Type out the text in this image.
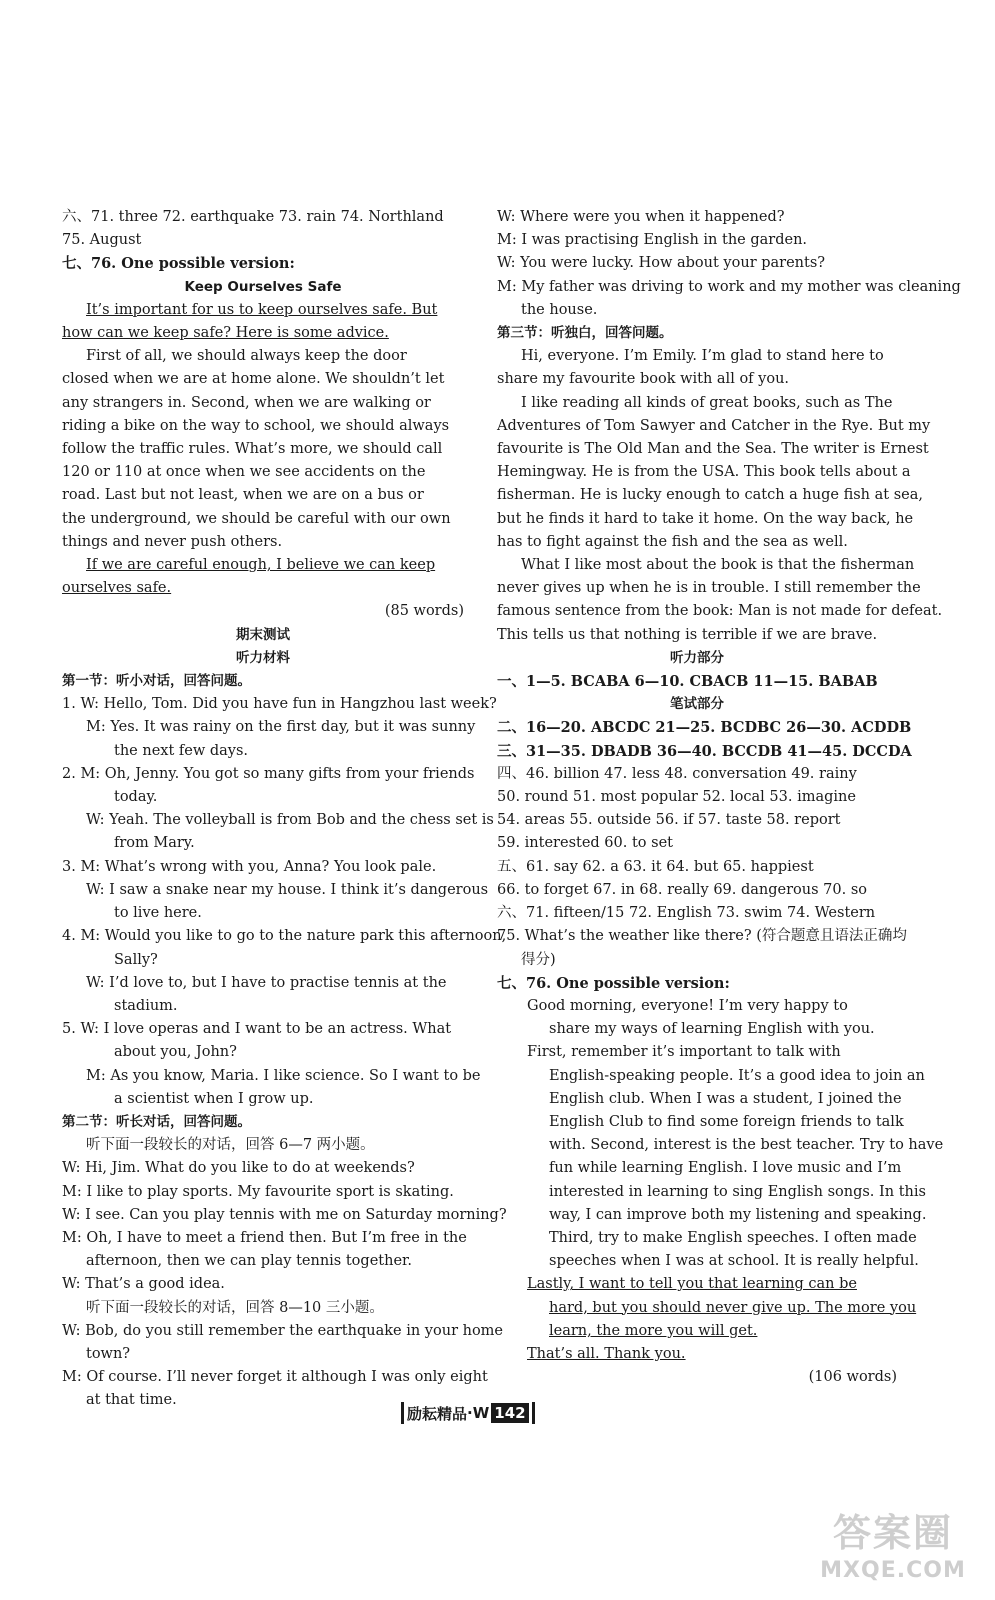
六、71. three 72. earthquake 73. rain 74. Northland
75. August
七、76. One possible version:
Keep Ourselves Safe
It’s important for us to keep ourselves safe. But
how can we keep safe? Here is some advice.
First of all, we should always keep the door
closed when we are at home alone. We shouldn’t let
any strangers in. Second, when we are walking or
riding a bike on the way to school, we should always
follow the traffic rules. What’s more, we should call
120 or 110 at once when we see accidents on the
road. Last but not least, when we are on a bus or
the underground, we should be careful with our own
things and never push others.
If we are careful enough, I believe we can keep
ourselves safe.
(85 words)
期末测试
听力材料
第一节：听小对话，回答问题。
1. W: Hello, Tom. Did you have fun in Hangzhou last week?
M: Yes. It was rainy on the first day, but it was sunny
the next few days.
2. M: Oh, Jenny. You got so many gifts from your friends
today.
W: Yeah. The volleyball is from Bob and the chess set is
from Mary.
3. M: What’s wrong with you, Anna? You look pale.
W: I saw a snake near my house. I think it’s dangerous
to live here.
4. M: Would you like to go to the nature park this afternoon,
Sally?
W: I’d love to, but I have to practise tennis at the
stadium.
5. W: I love operas and I want to be an actress. What
about you, John?
M: As you know, Maria. I like science. So I want to be
a scientist when I grow up.
第二节：听长对话，回答问题。
听下面一段较长的对话，回答 6—7 两小题。
W: Hi, Jim. What do you like to do at weekends?
M: I like to play sports. My favourite sport is skating.
W: I see. Can you play tennis with me on Saturday morning?
M: Oh, I have to meet a friend then. But I’m free in the
afternoon, then we can play tennis together.
W: That’s a good idea.
听下面一段较长的对话，回答 8—10 三小题。
W: Bob, do you still remember the earthquake in your home
town?
M: Of course. I’ll never forget it although I was only eight
at that time.
W: Where were you when it happened?
M: I was practising English in the garden.
W: You were lucky. How about your parents?
M: My father was driving to work and my mother was cleaning
the house.
第三节：听独白，回答问题。
Hi, everyone. I’m Emily. I’m glad to stand here to
share my favourite book with all of you.
I like reading all kinds of great books, such as The
Adventures of Tom Sawyer and Catcher in the Rye. But my
favourite is The Old Man and the Sea. The writer is Ernest
Hemingway. He is from the USA. This book tells about a
fisherman. He is lucky enough to catch a huge fish at sea,
but he finds it hard to take it home. On the way back, he
has to fight against the fish and the sea as well.
What I like most about the book is that the fisherman
never gives up when he is in trouble. I still remember the
famous sentence from the book: Man is not made for defeat.
This tells us that nothing is terrible if we are brave.
听力部分
一、1—5. BCABA 6—10. CBACB 11—15. BABAB
笔试部分
二、16—20. ABCDC 21—25. BCDBC 26—30. ACDDB
三、31—35. DBADB 36—40. BCCDB 41—45. DCCDA
四、46. billion 47. less 48. conversation 49. rainy
50. round 51. most popular 52. local 53. imagine
54. areas 55. outside 56. if 57. taste 58. report
59. interested 60. to set
五、61. say 62. a 63. it 64. but 65. happiest
66. to forget 67. in 68. really 69. dangerous 70. so
六、71. fifteen/15 72. English 73. swim 74. Western
75. What’s the weather like there? (符合题意且语法正确均
得分)
七、76. One possible version:
Good morning, everyone! I’m very happy to
share my ways of learning English with you.
First, remember it’s important to talk with
English-speaking people. It’s a good idea to join an
English club. When I was a student, I joined the
English Club to find some foreign friends to talk
with. Second, interest is the best teacher. Try to have
fun while learning English. I love music and I’m
interested in learning to sing English songs. In this
way, I can improve both my listening and speaking.
Third, try to make English speeches. I often made
speeches when I was at school. It is really helpful.
Lastly, I want to tell you that learning can be
hard, but you should never give up. The more you
learn, the more you will get.
That’s all. Thank you.
(106 words)
励耘精品 · W 142
答案圈
MXQE.COM
